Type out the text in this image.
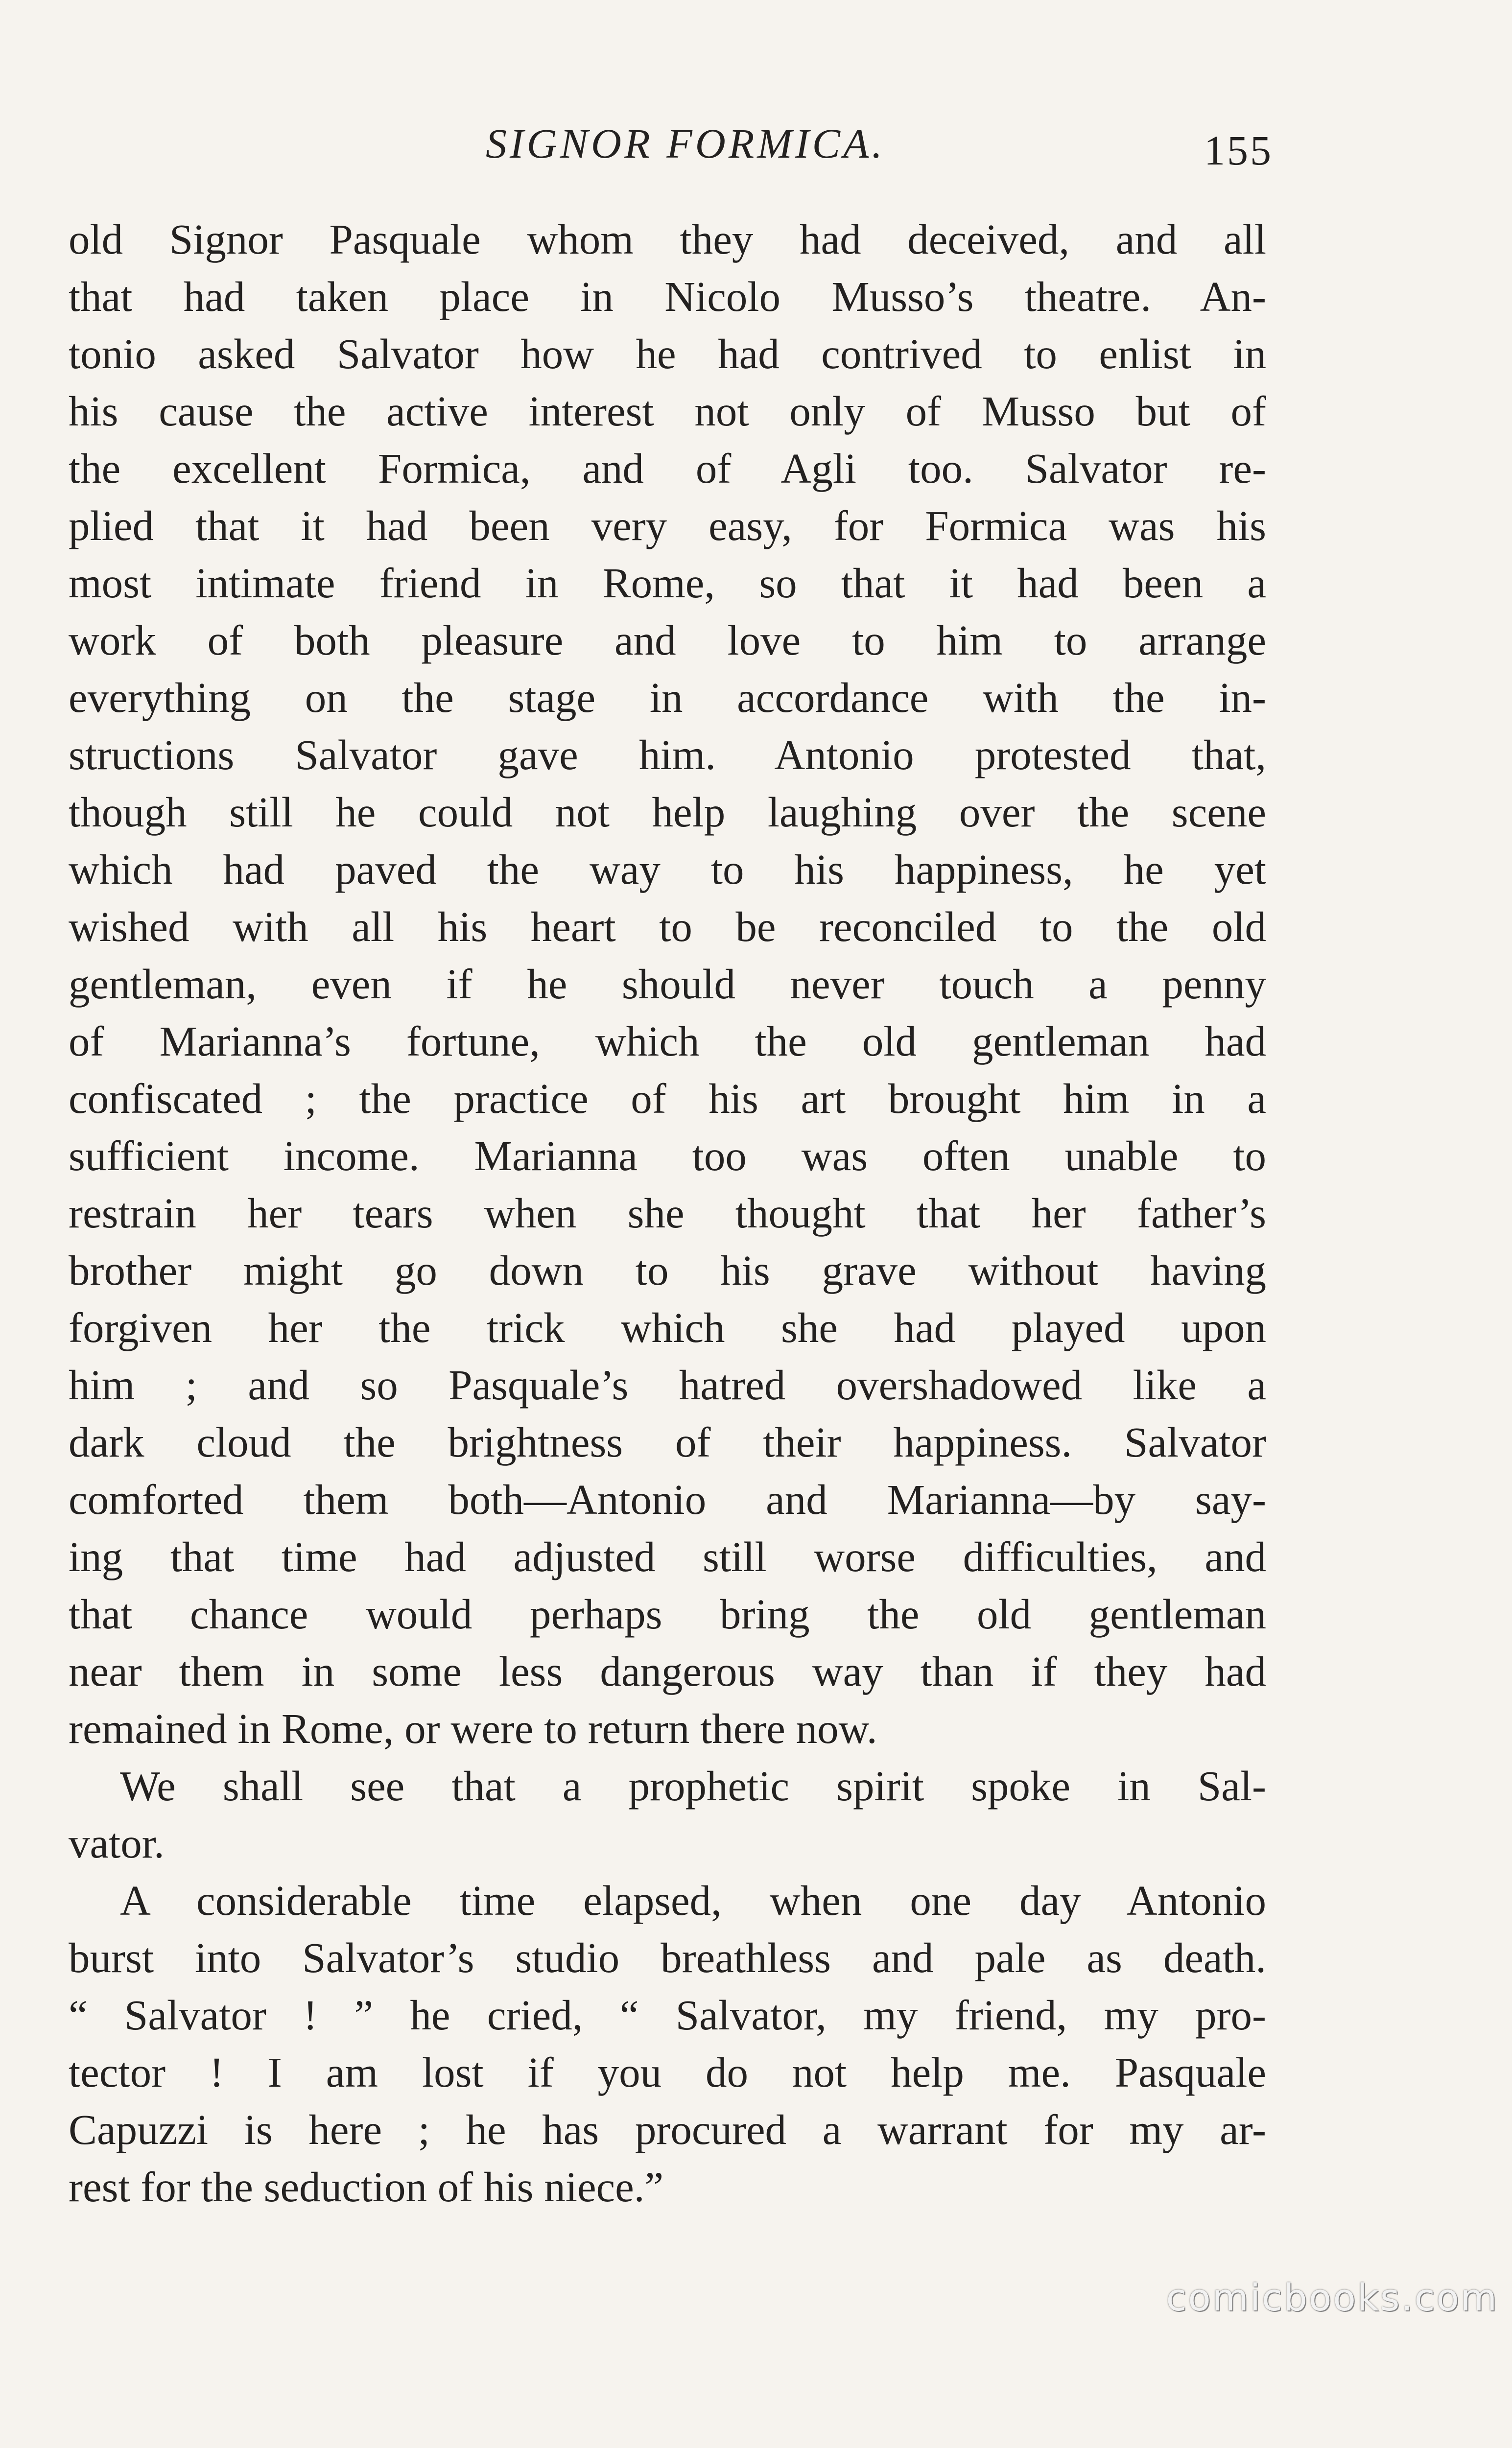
SIGNOR FORMICA.	155
old Signor Pasquale whom they had deceived, and all
that had taken place in Nicolo Musso’s theatre. An-
tonio asked Salvator how he had contrived to enlist in
his cause the active interest not only of Musso but of
the excellent Formica, and of Agli too. Salvator re-
plied that it had been very easy, for Formica was his
most intimate friend in Rome, so that it had been a
work of both pleasure and love to him to arrange
everything on the stage in accordance with the in-
structions Salvator gave him. Antonio protested that,
though still he could not help laughing over the scene
which had paved the way to his happiness, he yet
wished with all his heart to be reconciled to the old
gentleman, even if he should never touch a penny
of Marianna’s fortune, which the old gentleman had
confiscated ; the practice of his art brought him in a
sufficient income. Marianna too was often unable to
restrain her tears when she thought that her father’s
brother might go down to his grave without having
forgiven her the trick which she had played upon
him ; and so Pasquale’s hatred overshadowed like a
dark cloud the brightness of their happiness. Salvator
comforted them both—Antonio and Marianna—by say-
ing that time had adjusted still worse difficulties, and
that chance would perhaps bring the old gentleman
near them in some less dangerous way than if they had
remained in Rome, or were to return there now.
We shall see that a prophetic spirit spoke in Sal-
vator.
A considerable time elapsed, when one day Antonio
burst into Salvator’s studio breathless and pale as death.
“ Salvator ! ” he cried, “ Salvator, my friend, my pro-
tector ! I am lost if you do not help me. Pasquale
Capuzzi is here ; he has procured a warrant for my ar-
rest for the seduction of his niece.”
comicbooks.com
